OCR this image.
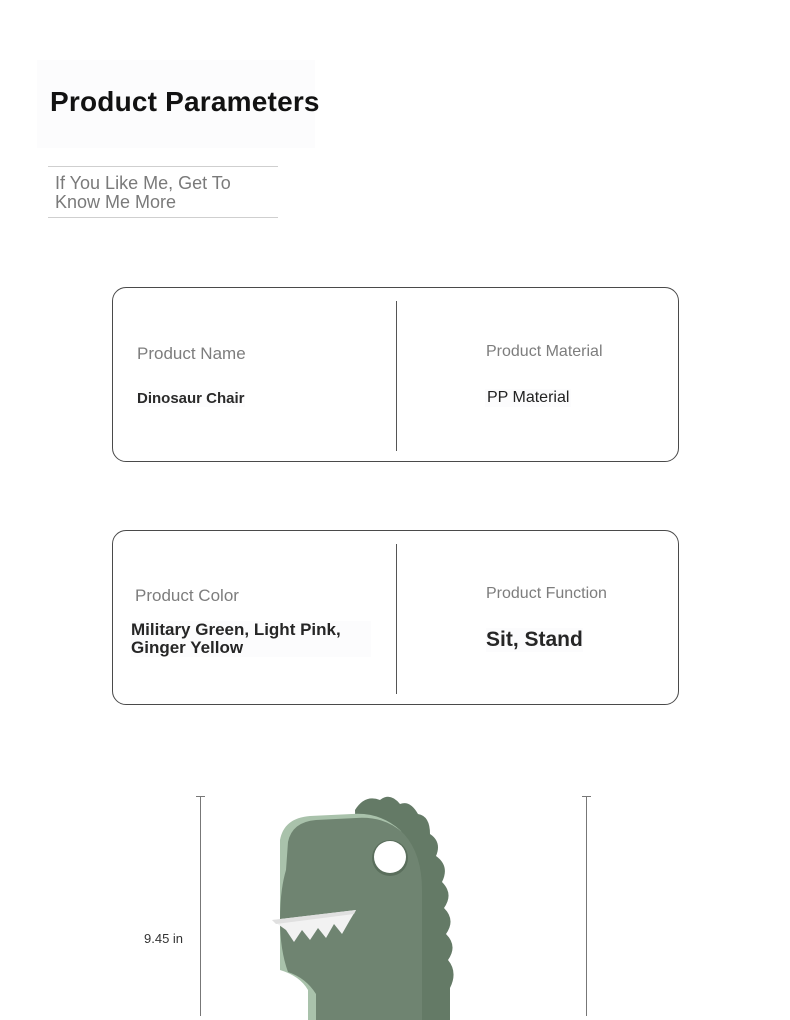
Product Parameters

If You Like Me, Get To Know Me More

Product Name
Dinosaur Chair
Product Material
PP Material
Product Color
Military Green, Light Pink, Ginger Yellow
Product Function
Sit, Stand
9.45 in
